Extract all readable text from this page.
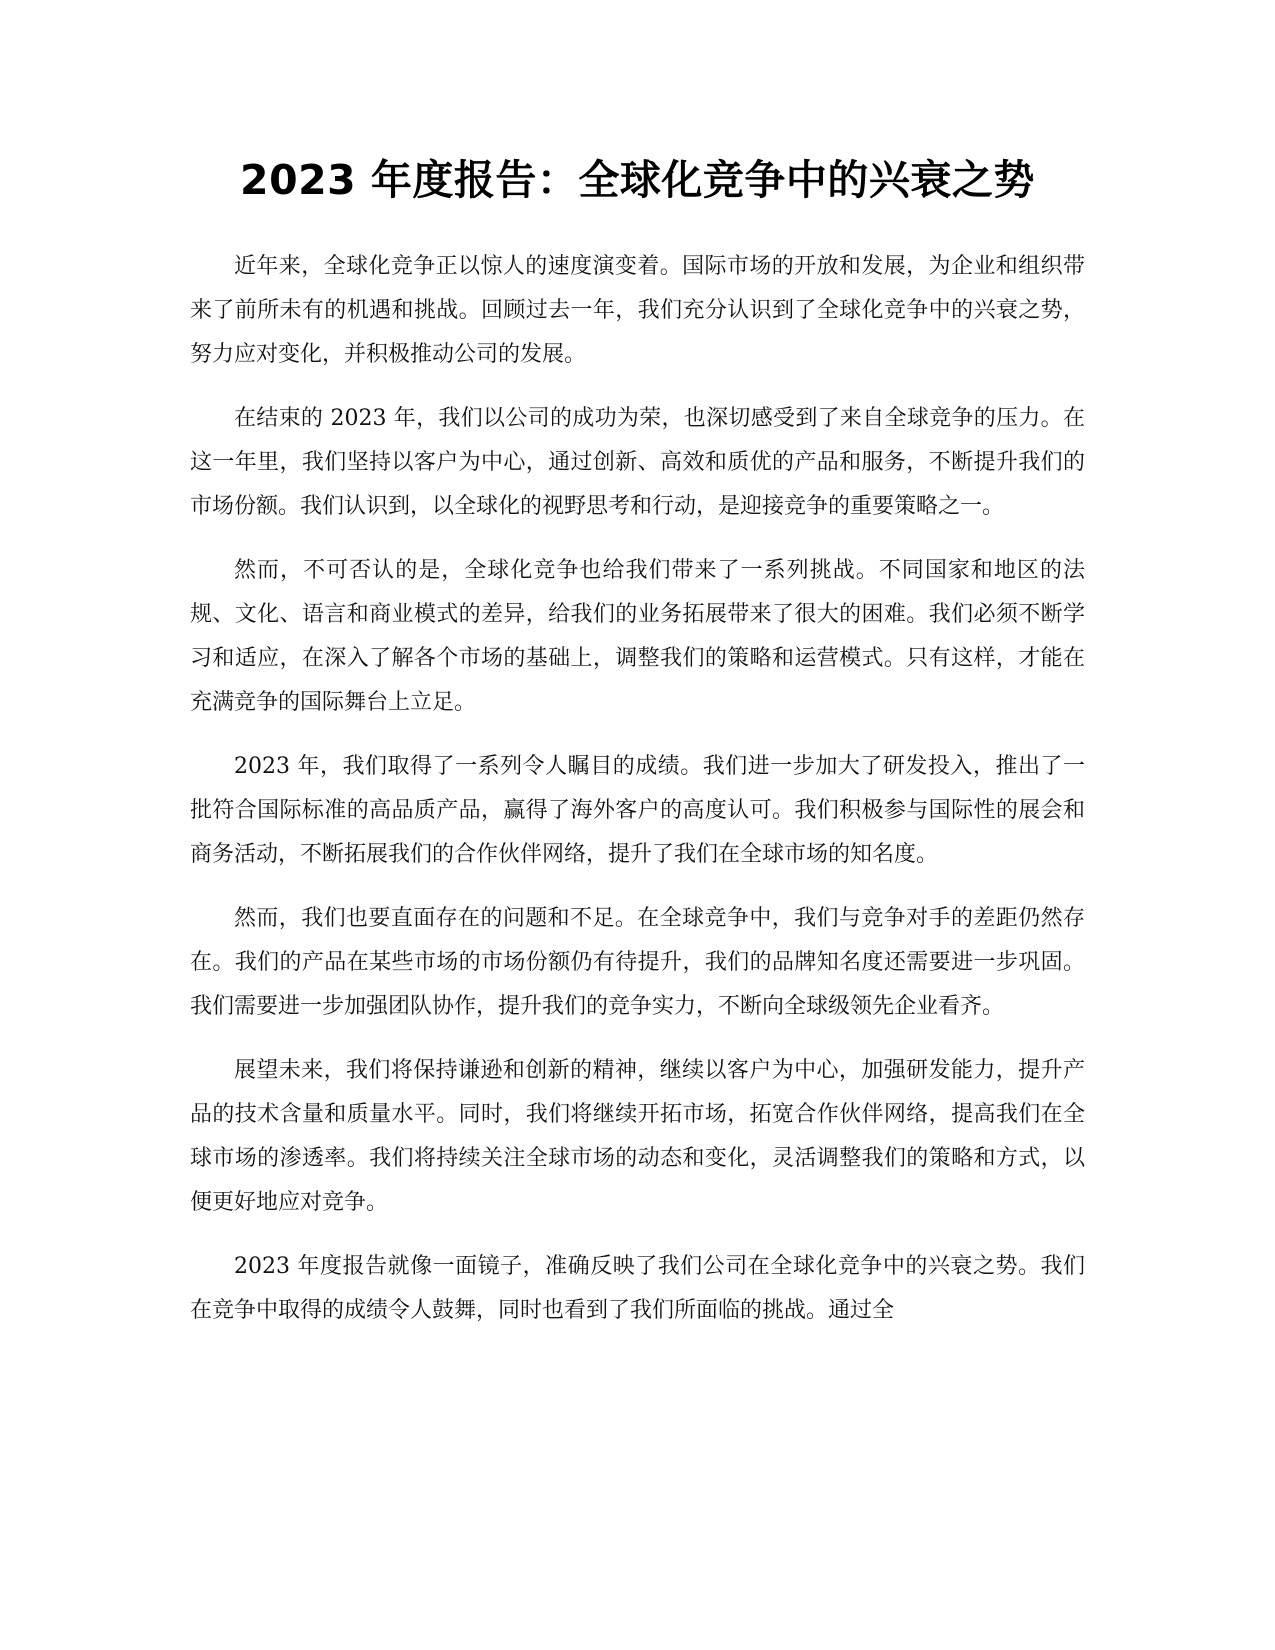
2023 年度报告：全球化竞争中的兴衰之势

近年来，全球化竞争正以惊人的速度演变着。国际市场的开放和发展，为企业和组织带来了前所未有的机遇和挑战。回顾过去一年，我们充分认识到了全球化竞争中的兴衰之势，努力应对变化，并积极推动公司的发展。

在结束的 2023 年，我们以公司的成功为荣，也深切感受到了来自全球竞争的压力。在这一年里，我们坚持以客户为中心，通过创新、高效和质优的产品和服务，不断提升我们的市场份额。我们认识到，以全球化的视野思考和行动，是迎接竞争的重要策略之一。

然而，不可否认的是，全球化竞争也给我们带来了一系列挑战。不同国家和地区的法规、文化、语言和商业模式的差异，给我们的业务拓展带来了很大的困难。我们必须不断学习和适应，在深入了解各个市场的基础上，调整我们的策略和运营模式。只有这样，才能在充满竞争的国际舞台上立足。

2023 年，我们取得了一系列令人瞩目的成绩。我们进一步加大了研发投入，推出了一批符合国际标准的高品质产品，赢得了海外客户的高度认可。我们积极参与国际性的展会和商务活动，不断拓展我们的合作伙伴网络，提升了我们在全球市场的知名度。

然而，我们也要直面存在的问题和不足。在全球竞争中，我们与竞争对手的差距仍然存在。我们的产品在某些市场的市场份额仍有待提升，我们的品牌知名度还需要进一步巩固。我们需要进一步加强团队协作，提升我们的竞争实力，不断向全球级领先企业看齐。

展望未来，我们将保持谦逊和创新的精神，继续以客户为中心，加强研发能力，提升产品的技术含量和质量水平。同时，我们将继续开拓市场，拓宽合作伙伴网络，提高我们在全球市场的渗透率。我们将持续关注全球市场的动态和变化，灵活调整我们的策略和方式，以便更好地应对竞争。

2023 年度报告就像一面镜子，准确反映了我们公司在全球化竞争中的兴衰之势。我们在竞争中取得的成绩令人鼓舞，同时也看到了我们所面临的挑战。通过全
